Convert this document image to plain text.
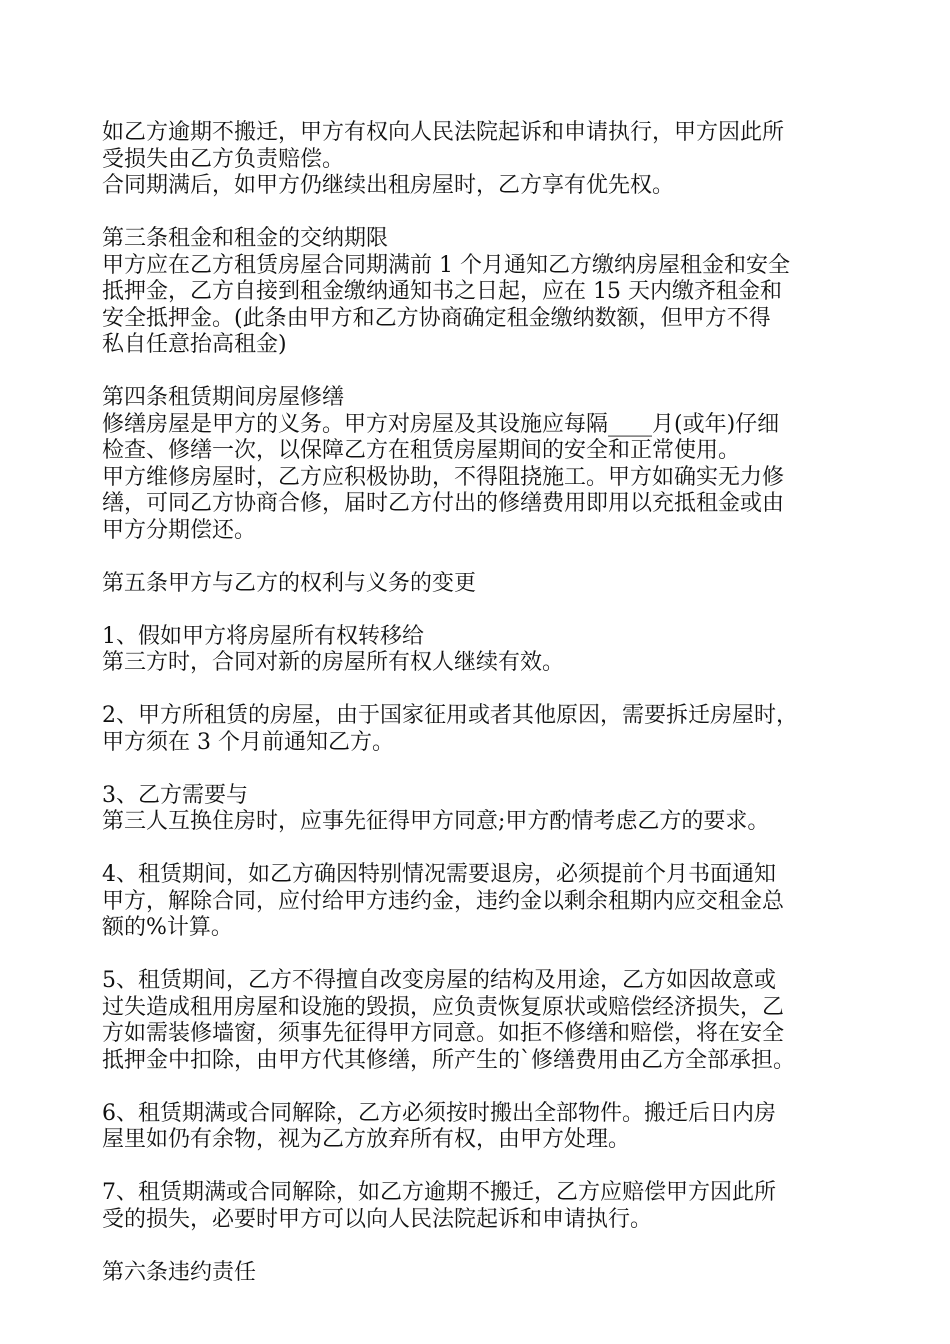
如乙方逾期不搬迁，甲方有权向人民法院起诉和申请执行，甲方因此所

受损失由乙方负责赔偿。

合同期满后，如甲方仍继续出租房屋时，乙方享有优先权。

第三条租金和租金的交纳期限

甲方应在乙方租赁房屋合同期满前 1 个月通知乙方缴纳房屋租金和安全

抵押金，乙方自接到租金缴纳通知书之日起，应在 15 天内缴齐租金和

安全抵押金。(此条由甲方和乙方协商确定租金缴纳数额，但甲方不得

私自任意抬高租金)

第四条租赁期间房屋修缮

修缮房屋是甲方的义务。甲方对房屋及其设施应每隔____月(或年)仔细

检查、修缮一次，以保障乙方在租赁房屋期间的安全和正常使用。

甲方维修房屋时，乙方应积极协助，不得阻挠施工。甲方如确实无力修

缮，可同乙方协商合修，届时乙方付出的修缮费用即用以充抵租金或由

甲方分期偿还。

第五条甲方与乙方的权利与义务的变更

1、假如甲方将房屋所有权转移给

第三方时，合同对新的房屋所有权人继续有效。

2、甲方所租赁的房屋，由于国家征用或者其他原因，需要拆迁房屋时，

甲方须在 3 个月前通知乙方。

3、乙方需要与

第三人互换住房时，应事先征得甲方同意;甲方酌情考虑乙方的要求。

4、租赁期间，如乙方确因特别情况需要退房，必须提前个月书面通知

甲方，解除合同，应付给甲方违约金，违约金以剩余租期内应交租金总

额的%计算。

5、租赁期间，乙方不得擅自改变房屋的结构及用途，乙方如因故意或

过失造成租用房屋和设施的毁损，应负责恢复原状或赔偿经济损失，乙

方如需装修墙窗，须事先征得甲方同意。如拒不修缮和赔偿，将在安全

抵押金中扣除，由甲方代其修缮，所产生的`修缮费用由乙方全部承担。

6、租赁期满或合同解除，乙方必须按时搬出全部物件。搬迁后日内房

屋里如仍有余物，视为乙方放弃所有权，由甲方处理。

7、租赁期满或合同解除，如乙方逾期不搬迁，乙方应赔偿甲方因此所

受的损失，必要时甲方可以向人民法院起诉和申请执行。

第六条违约责任
